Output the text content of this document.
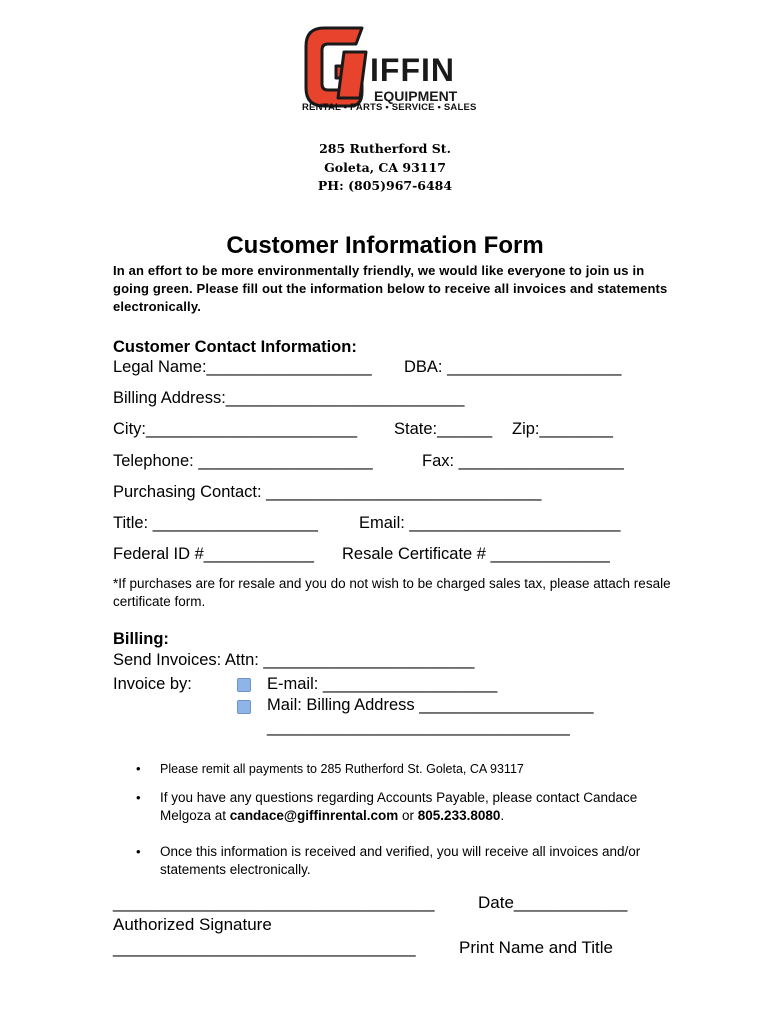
IFFIN
EQUIPMENT
RENTAL • PARTS • SERVICE • SALES
285 Rutherford St.
Goleta, CA 93117
PH: (805)967-6484
Customer Information Form
In an effort to be more environmentally friendly, we would like everyone to join us in going green. Please fill out the information below to receive all invoices and statements electronically.
Customer Contact Information:
Legal Name:__________________ DBA: ___________________
Billing Address:__________________________
City:_______________________ State:______ Zip:________
Telephone: ___________________	Fax: __________________
Purchasing Contact: ______________________________
Title: __________________ Email: _______________________
Federal ID #____________ Resale Certificate # _____________
*If purchases are for resale and you do not wish to be charged sales tax, please attach resale certificate form.
Billing:
Send Invoices: Attn: _______________________
Invoice by:	E-mail: ___________________
Mail: Billing Address ___________________
_________________________________
• Please remit all payments to 285 Rutherford St. Goleta, CA 93117
• If you have any questions regarding Accounts Payable, please contact Candace Melgoza at candace@giffinrental.com or 805.233.8080.
• Once this information is received and verified, you will receive all invoices and/or statements electronically.
__________________________________	Date____________
Authorized Signature
________________________________	Print Name and Title
